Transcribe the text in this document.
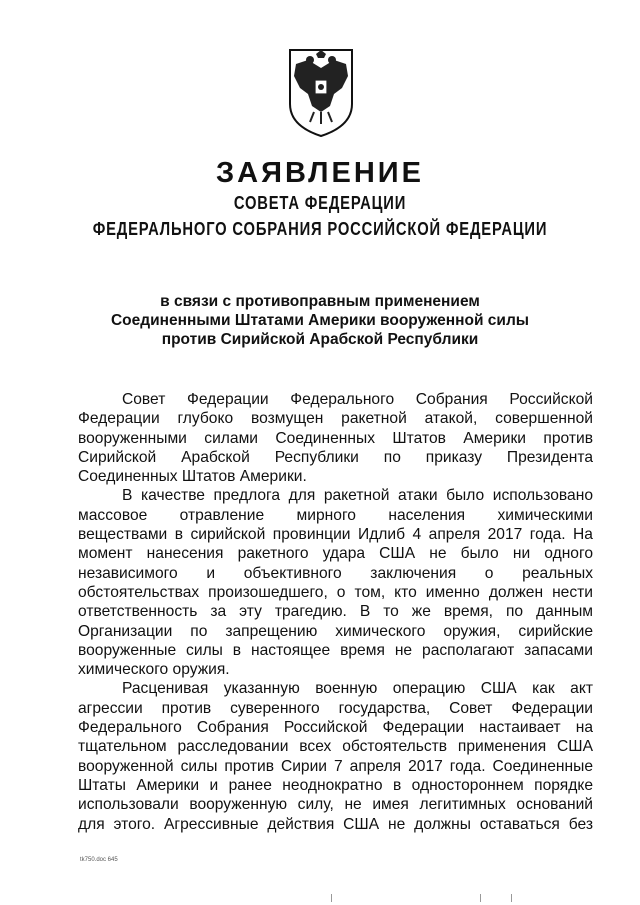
ЗАЯВЛЕНИЕ
СОВЕТА ФЕДЕРАЦИИ
ФЕДЕРАЛЬНОГО СОБРАНИЯ РОССИЙСКОЙ ФЕДЕРАЦИИ
в связи с противоправным применением
Соединенными Штатами Америки вооруженной силы
против Сирийской Арабской Республики
Совет Федерации Федерального Собрания Российской
Федерации глубоко возмущен ракетной атакой, совершенной
вооруженными силами Соединенных Штатов Америки против
Сирийской Арабской Республики по приказу Президента
Соединенных Штатов Америки.
В качестве предлога для ракетной атаки было использовано
массовое отравление мирного населения химическими
веществами в сирийской провинции Идлиб 4 апреля 2017 года. На
момент нанесения ракетного удара США не было ни одного
независимого и объективного заключения о реальных
обстоятельствах произошедшего, о том, кто именно должен нести
ответственность за эту трагедию. В то же время, по данным
Организации по запрещению химического оружия, сирийские
вооруженные силы в настоящее время не располагают запасами
химического оружия.
Расценивая указанную военную операцию США как акт
агрессии против суверенного государства, Совет Федерации
Федерального Собрания Российской Федерации настаивает на
тщательном расследовании всех обстоятельств применения США
вооруженной силы против Сирии 7 апреля 2017 года. Соединенные
Штаты Америки и ранее неоднократно в одностороннем порядке
использовали вооруженную силу, не имея легитимных оснований
для этого. Агрессивные действия США не должны оставаться без
tk750.doc 645
